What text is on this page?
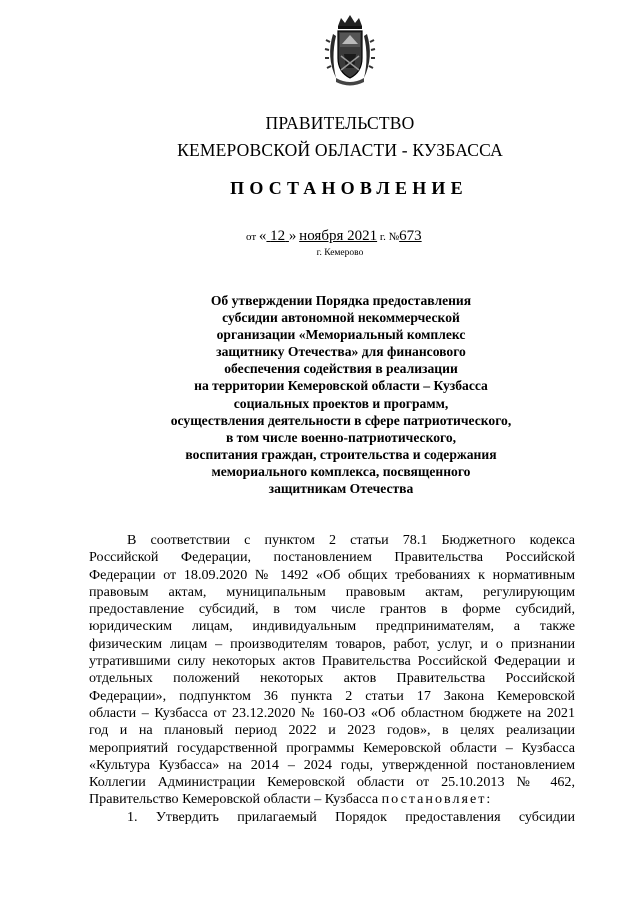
ПРАВИТЕЛЬСТВО
КЕМЕРОВСКОЙ ОБЛАСТИ - КУЗБАССА
ПОСТАНОВЛЕНИЕ
от « 12 » ноября 2021 г. №673
г. Кемерово
Об утверждении Порядка предоставления
субсидии автономной некоммерческой
организации «Мемориальный комплекс
защитнику Отечества» для финансового
обеспечения содействия в реализации
на территории Кемеровской области – Кузбасса
социальных проектов и программ,
осуществления деятельности в сфере патриотического,
в том числе военно-патриотического,
воспитания граждан, строительства и содержания
мемориального комплекса, посвященного
защитникам Отечества
В соответствии с пунктом 2 статьи 78.1 Бюджетного кодекса
Российской Федерации, постановлением Правительства Российской
Федерации от 18.09.2020 № 1492 «Об общих требованиях к нормативным
правовым актам, муниципальным правовым актам, регулирующим
предоставление субсидий, в том числе грантов в форме субсидий,
юридическим лицам, индивидуальным предпринимателям, а также
физическим лицам – производителям товаров, работ, услуг, и о признании
утратившими силу некоторых актов Правительства Российской Федерации и
отдельных положений некоторых актов Правительства Российской
Федерации», подпунктом 36 пункта 2 статьи 17 Закона Кемеровской
области – Кузбасса от 23.12.2020 № 160-ОЗ «Об областном бюджете на 2021
год и на плановый период 2022 и 2023 годов», в целях реализации
мероприятий государственной программы Кемеровской области – Кузбасса
«Культура Кузбасса» на 2014 – 2024 годы, утвержденной постановлением
Коллегии Администрации Кемеровской области от 25.10.2013 № 462,
Правительство Кемеровской области – Кузбасса постановляет:
1. Утвердить прилагаемый Порядок предоставления субсидии
